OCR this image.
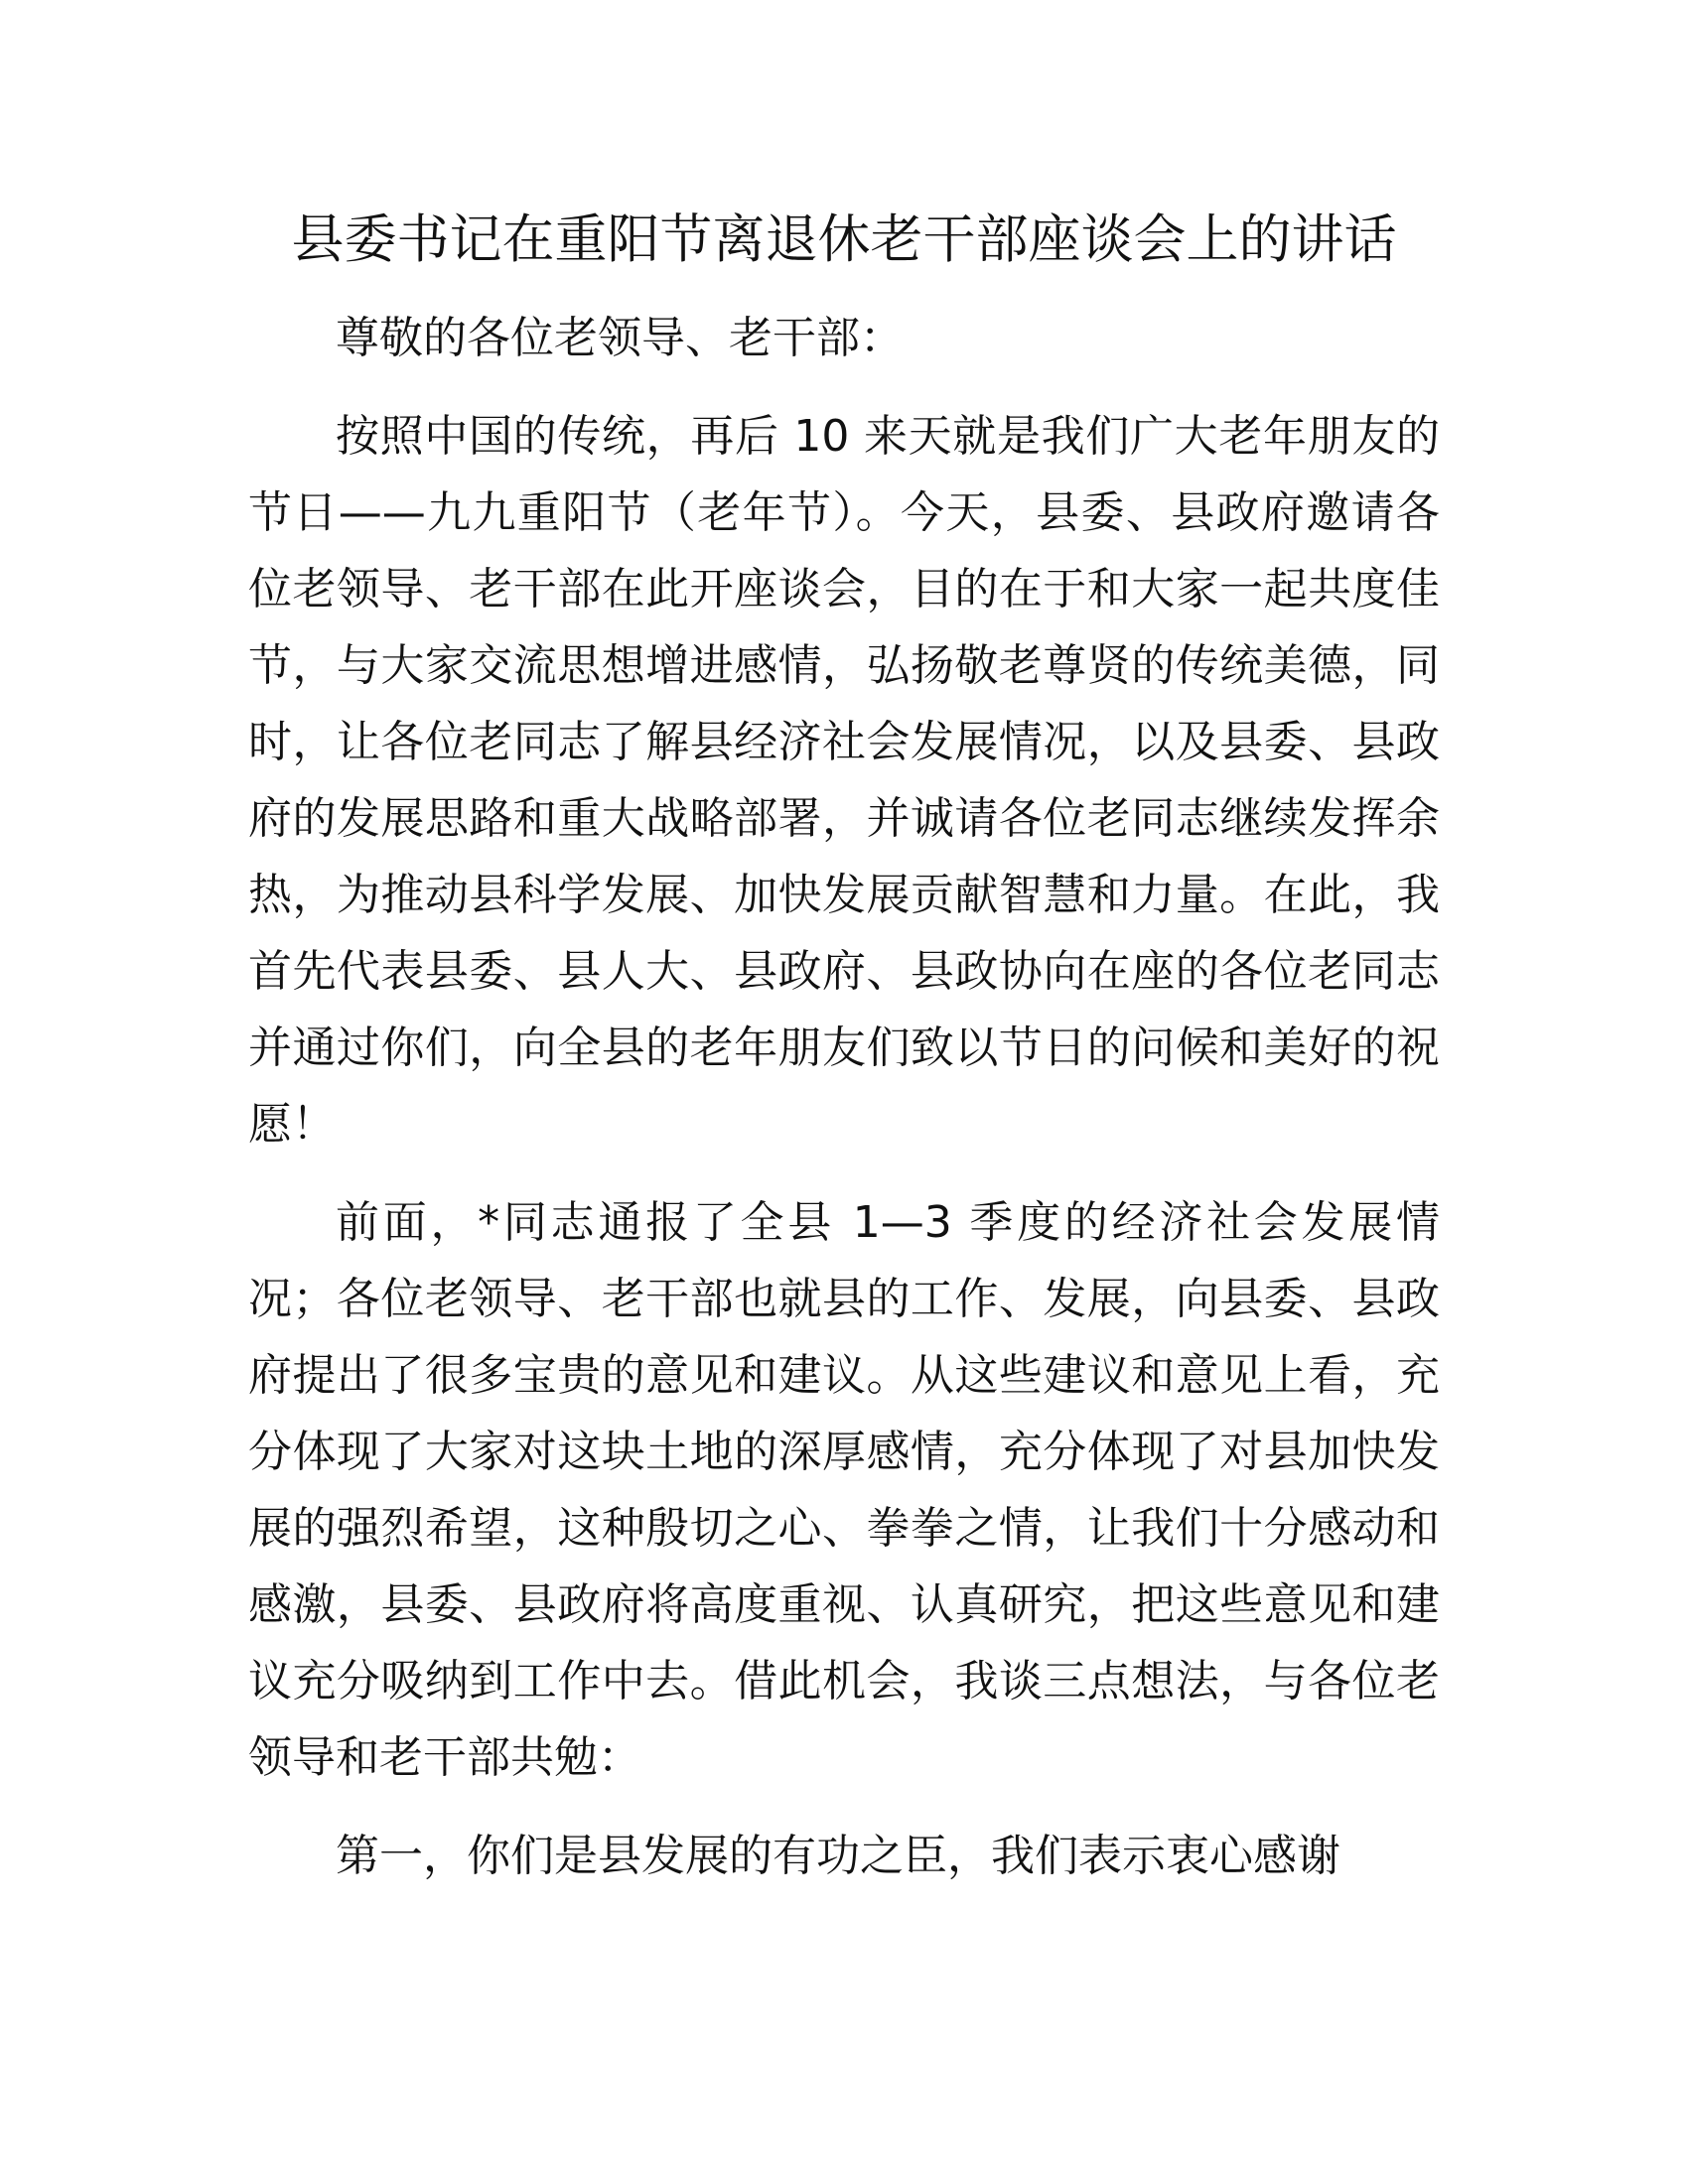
县委书记在重阳节离退休老干部座谈会上的讲话

尊敬的各位老领导、老干部：

按照中国的传统，再后 10 来天就是我们广大老年朋友的节日——九九重阳节（老年节）。今天，县委、县政府邀请各位老领导、老干部在此开座谈会，目的在于和大家一起共度佳节，与大家交流思想增进感情，弘扬敬老尊贤的传统美德，同时，让各位老同志了解县经济社会发展情况，以及县委、县政府的发展思路和重大战略部署，并诚请各位老同志继续发挥余热，为推动县科学发展、加快发展贡献智慧和力量。在此，我首先代表县委、县人大、县政府、县政协向在座的各位老同志并通过你们，向全县的老年朋友们致以节日的问候和美好的祝愿！

前面，*同志通报了全县 1—3 季度的经济社会发展情况；各位老领导、老干部也就县的工作、发展，向县委、县政府提出了很多宝贵的意见和建议。从这些建议和意见上看，充分体现了大家对这块土地的深厚感情，充分体现了对县加快发展的强烈希望，这种殷切之心、拳拳之情，让我们十分感动和感激，县委、县政府将高度重视、认真研究，把这些意见和建议充分吸纳到工作中去。借此机会，我谈三点想法，与各位老领导和老干部共勉：

第一，你们是县发展的有功之臣，我们表示衷心感谢
